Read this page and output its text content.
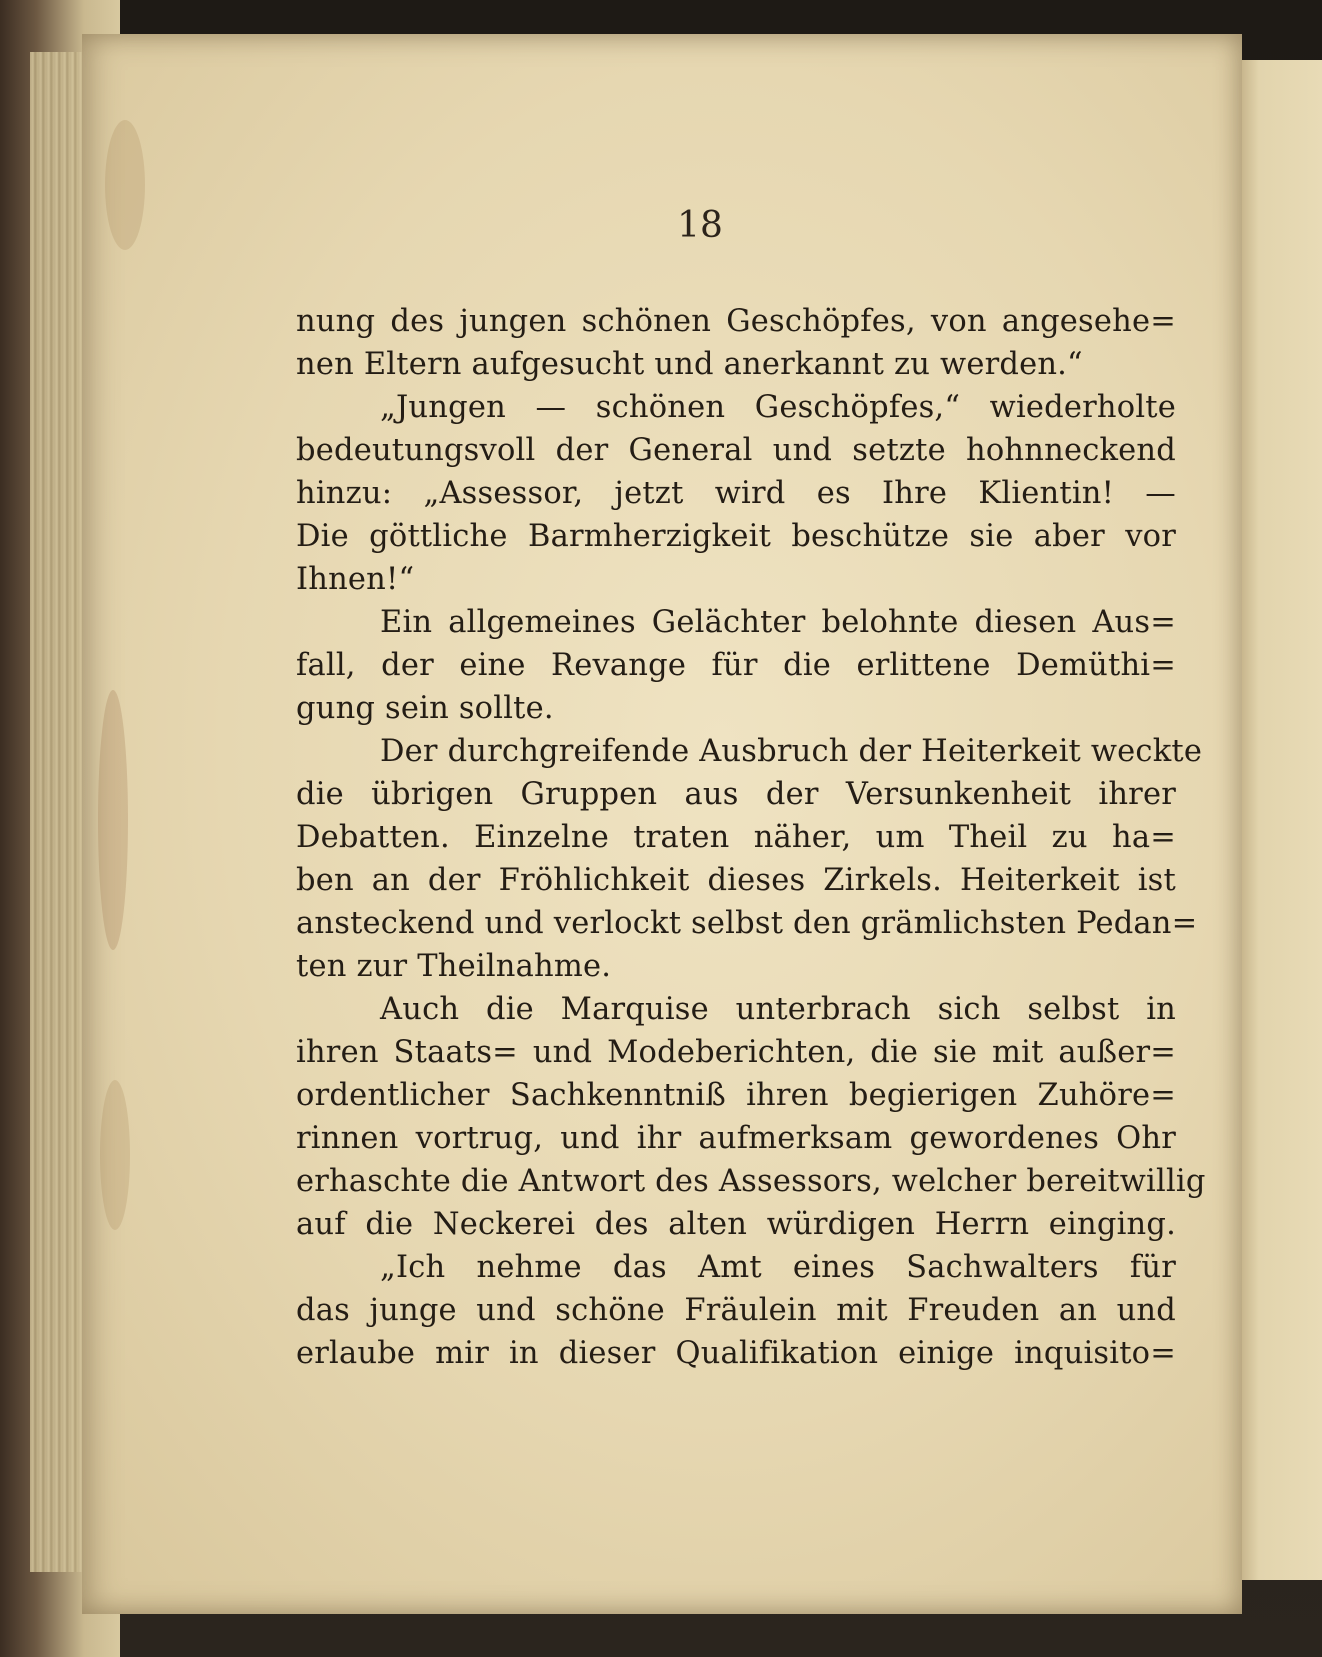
18
nung des jungen schönen Geschöpfes, von angesehe=
nen Eltern aufgesucht und anerkannt zu werden.“
„Jungen — schönen Geschöpfes,“ wiederholte
bedeutungsvoll der General und setzte hohnneckend
hinzu: „Assessor, jetzt wird es Ihre Klientin! —
Die göttliche Barmherzigkeit beschütze sie aber vor
Ihnen!“
Ein allgemeines Gelächter belohnte diesen Aus=
fall, der eine Revange für die erlittene Demüthi=
gung sein sollte.
Der durchgreifende Ausbruch der Heiterkeit weckte
die übrigen Gruppen aus der Versunkenheit ihrer
Debatten. Einzelne traten näher, um Theil zu ha=
ben an der Fröhlichkeit dieses Zirkels. Heiterkeit ist
ansteckend und verlockt selbst den grämlichsten Pedan=
ten zur Theilnahme.
Auch die Marquise unterbrach sich selbst in
ihren Staats= und Modeberichten, die sie mit außer=
ordentlicher Sachkenntniß ihren begierigen Zuhöre=
rinnen vortrug, und ihr aufmerksam gewordenes Ohr
erhaschte die Antwort des Assessors, welcher bereitwillig
auf die Neckerei des alten würdigen Herrn einging.
„Ich nehme das Amt eines Sachwalters für
das junge und schöne Fräulein mit Freuden an und
erlaube mir in dieser Qualifikation einige inquisito=
